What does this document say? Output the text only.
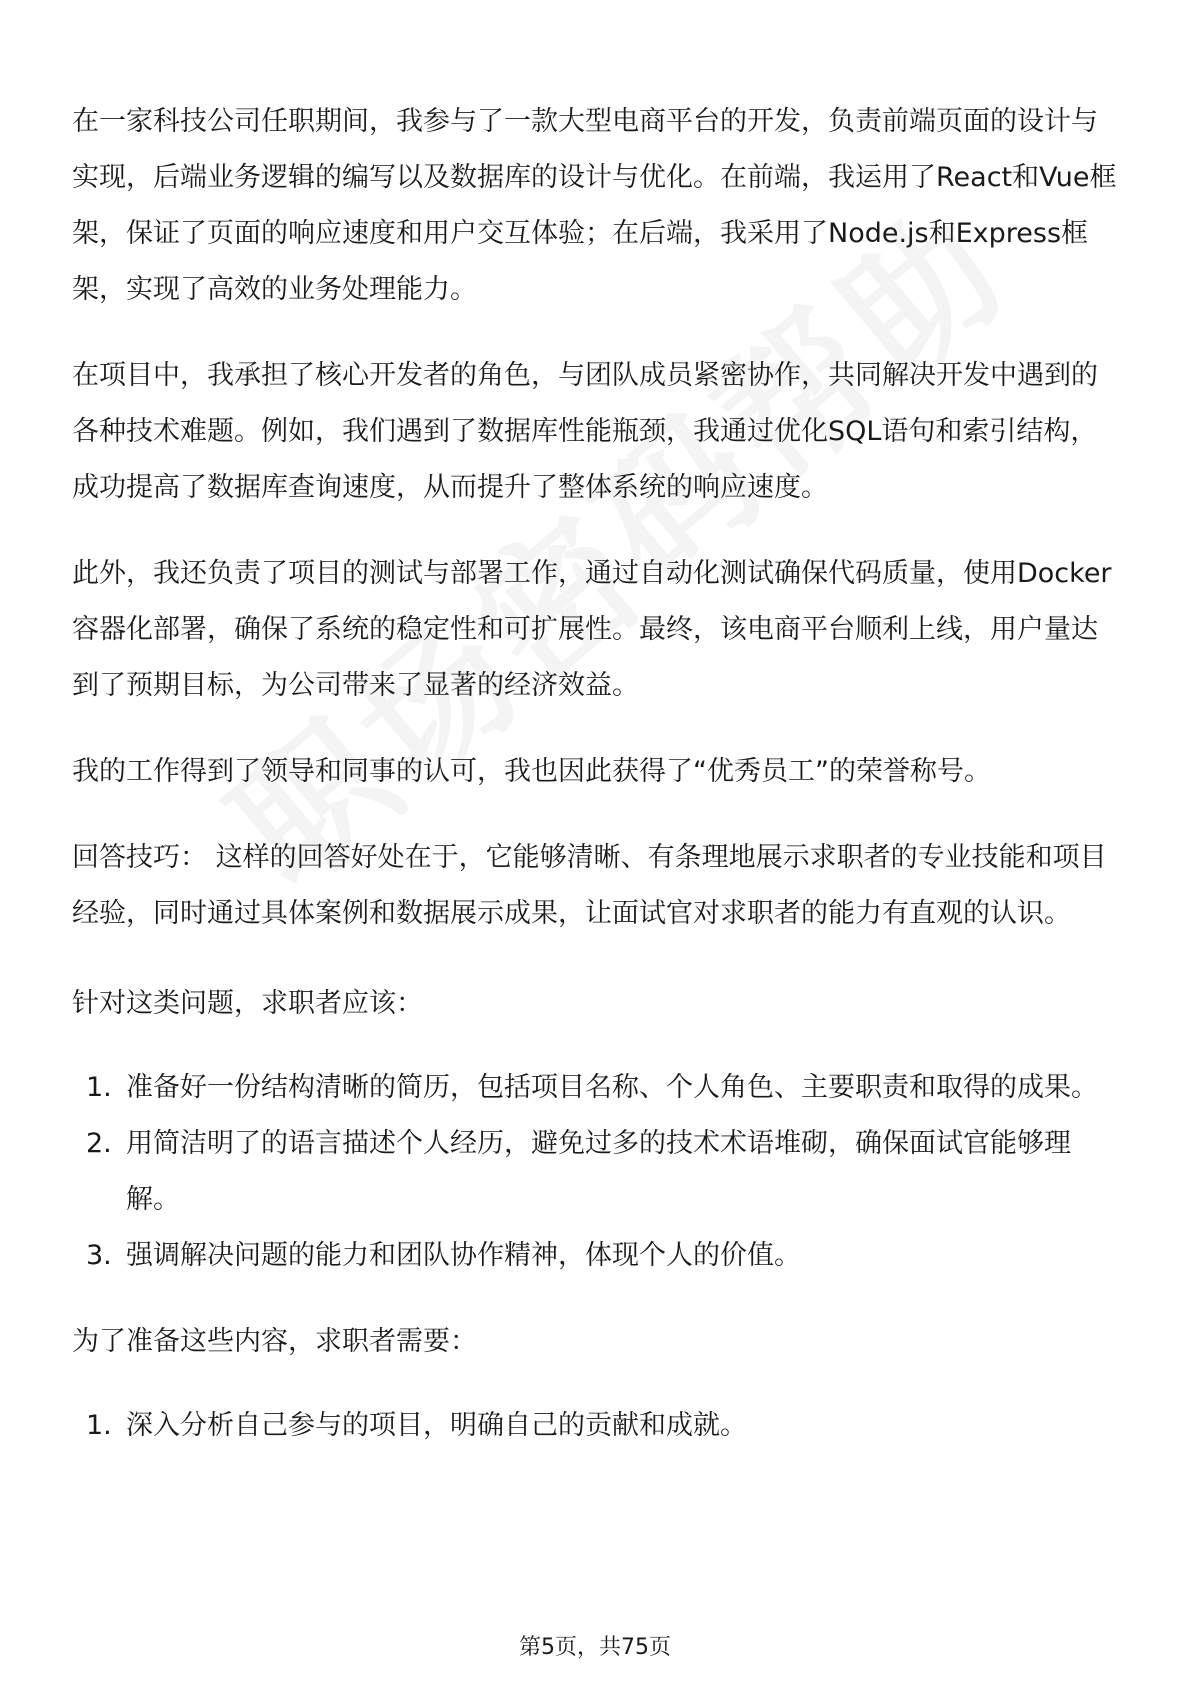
在一家科技公司任职期间，我参与了一款大型电商平台的开发，负责前端页面的设计与实现，后端业务逻辑的编写以及数据库的设计与优化。在前端，我运用了React和Vue框架，保证了页面的响应速度和用户交互体验；在后端，我采用了Node.js和Express框架，实现了高效的业务处理能力。

在项目中，我承担了核心开发者的角色，与团队成员紧密协作，共同解决开发中遇到的各种技术难题。例如，我们遇到了数据库性能瓶颈，我通过优化SQL语句和索引结构，成功提高了数据库查询速度，从而提升了整体系统的响应速度。

此外，我还负责了项目的测试与部署工作，通过自动化测试确保代码质量，使用Docker容器化部署，确保了系统的稳定性和可扩展性。最终，该电商平台顺利上线，用户量达到了预期目标，为公司带来了显著的经济效益。

我的工作得到了领导和同事的认可，我也因此获得了“优秀员工”的荣誉称号。

回答技巧： 这样的回答好处在于，它能够清晰、有条理地展示求职者的专业技能和项目经验，同时通过具体案例和数据展示成果，让面试官对求职者的能力有直观的认识。

针对这类问题，求职者应该：

1. 准备好一份结构清晰的简历，包括项目名称、个人角色、主要职责和取得的成果。
2. 用简洁明了的语言描述个人经历，避免过多的技术术语堆砌，确保面试官能够理解。
3. 强调解决问题的能力和团队协作精神，体现个人的价值。

为了准备这些内容，求职者需要：

1. 深入分析自己参与的项目，明确自己的贡献和成就。
第5页，共75页
